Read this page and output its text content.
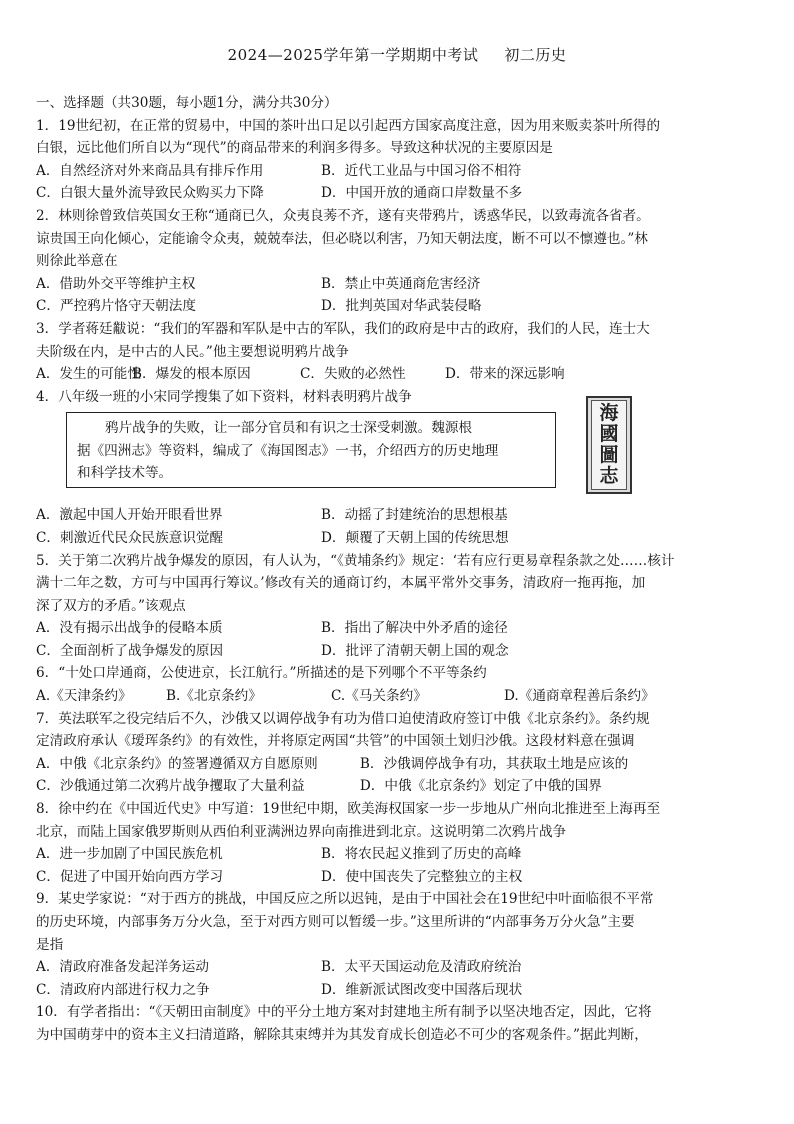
2024—2025学年第一学期期中考试 初二历史
一、选择题（共30题，每小题1分，满分共30分）
1．19世纪初，在正常的贸易中，中国的茶叶出口足以引起西方国家高度注意，因为用来贩卖茶叶所得的
白银，远比他们所自以为“现代”的商品带来的利润多得多。导致这种状况的主要原因是
A．自然经济对外来商品具有排斥作用	B．近代工业品与中国习俗不相符
C．白银大量外流导致民众购买力下降	D．中国开放的通商口岸数量不多
2．林则徐曾致信英国女王称“通商已久，众夷良莠不齐，遂有夹带鸦片，诱惑华民，以致毒流各省者。
谅贵国王向化倾心，定能谕令众夷，兢兢奉法，但必晓以利害，乃知天朝法度，断不可以不懔遵也。”林
则徐此举意在
A．借助外交平等维护主权	B．禁止中英通商危害经济
C．严控鸦片恪守天朝法度	D．批判英国对华武装侵略
3．学者蒋廷黻说：“我们的军器和军队是中古的军队，我们的政府是中古的政府，我们的人民，连士大
夫阶级在内，是中古的人民。”他主要想说明鸦片战争
A．发生的可能性
B．爆发的根本原因	C．失败的必然性	D．带来的深远影响
4．八年级一班的小宋同学搜集了如下资料，材料表明鸦片战争
鸦片战争的失败，让一部分官员和有识之士深受刺激。魏源根
据《四洲志》等资料，编成了《海国图志》一书，介绍西方的历史地理
和科学技术等。
海
國
圖
志
A．激起中国人开始开眼看世界	B．动摇了封建统治的思想根基
C．刺激近代民众民族意识觉醒	D．颠覆了天朝上国的传统思想
5．关于第二次鸦片战争爆发的原因，有人认为，“《黄埔条约》规定：‘若有应行更易章程条款之处……核计
满十二年之数，方可与中国再行筹议。’修改有关的通商订约，本属平常外交事务，清政府一拖再拖，加
深了双方的矛盾。”该观点
A．没有揭示出战争的侵略本质	B．指出了解决中外矛盾的途径
C．全面剖析了战争爆发的原因	D．批评了清朝天朝上国的观念
6．“十处口岸通商，公使进京，长江航行。”所描述的是下列哪个不平等条约
A.《天津条约》	B.《北京条约》	C.《马关条约》	D.《通商章程善后条约》
7．英法联军之役完结后不久，沙俄又以调停战争有功为借口迫使清政府签订中俄《北京条约》。条约规
定清政府承认《瑷珲条约》的有效性，并将原定两国“共管”的中国领土划归沙俄。这段材料意在强调
A．中俄《北京条约》的签署遵循双方自愿原则	B．沙俄调停战争有功，其获取土地是应该的
C．沙俄通过第二次鸦片战争攫取了大量利益	D．中俄《北京条约》划定了中俄的国界
8．徐中约在《中国近代史》中写道：19世纪中期，欧美海权国家一步一步地从广州向北推进至上海再至
北京，而陆上国家俄罗斯则从西伯利亚满洲边界向南推进到北京。这说明第二次鸦片战争
A．进一步加剧了中国民族危机	B．将农民起义推到了历史的高峰
C．促进了中国开始向西方学习	D．使中国丧失了完整独立的主权
9．某史学家说：“对于西方的挑战，中国反应之所以迟钝，是由于中国社会在19世纪中叶面临很不平常
的历史环境，内部事务万分火急，至于对西方则可以暂缓一步。”这里所讲的“内部事务万分火急”主要
是指
A．清政府准备发起洋务运动	B．太平天国运动危及清政府统治
C．清政府内部进行权力之争	D．维新派试图改变中国落后现状
10．有学者指出：“《天朝田亩制度》中的平分土地方案对封建地主所有制予以坚决地否定，因此，它将
为中国萌芽中的资本主义扫清道路，解除其束缚并为其发育成长创造必不可少的客观条件。”据此判断，
